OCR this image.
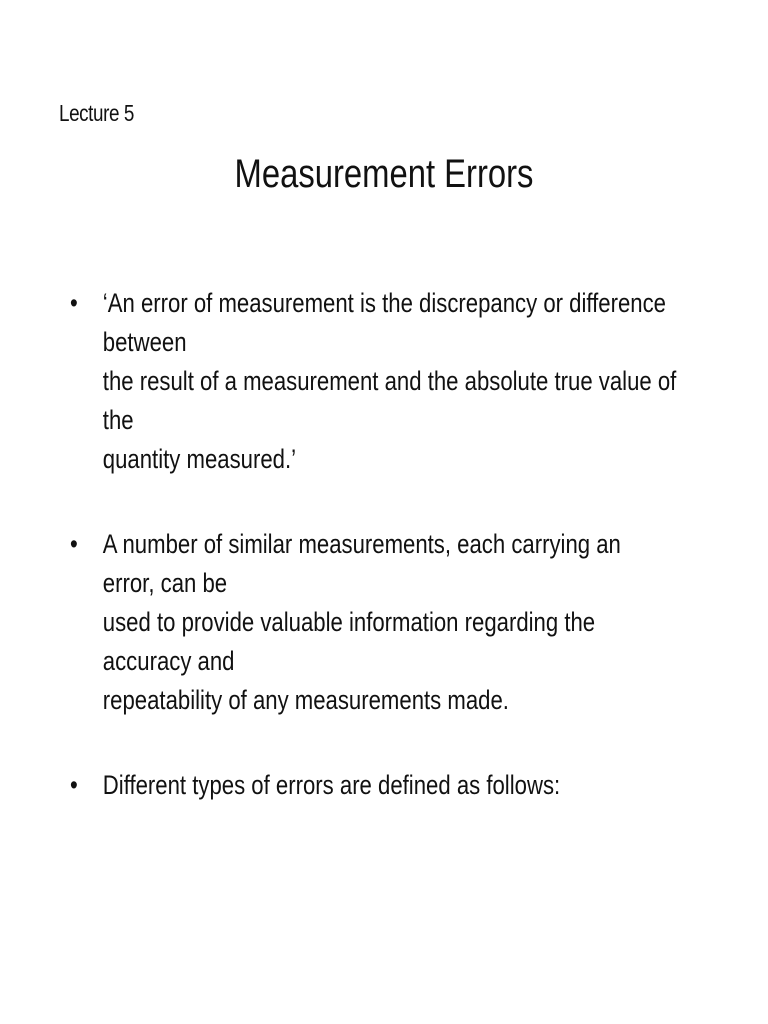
Lecture 5
Measurement Errors
• ‘An error of measurement is the discrepancy or difference between
the result of a measurement and the absolute true value of the
quantity measured.’
• A number of similar measurements, each carrying an error, can be
used to provide valuable information regarding the accuracy and
repeatability of any measurements made.
• Different types of errors are defined as follows:
